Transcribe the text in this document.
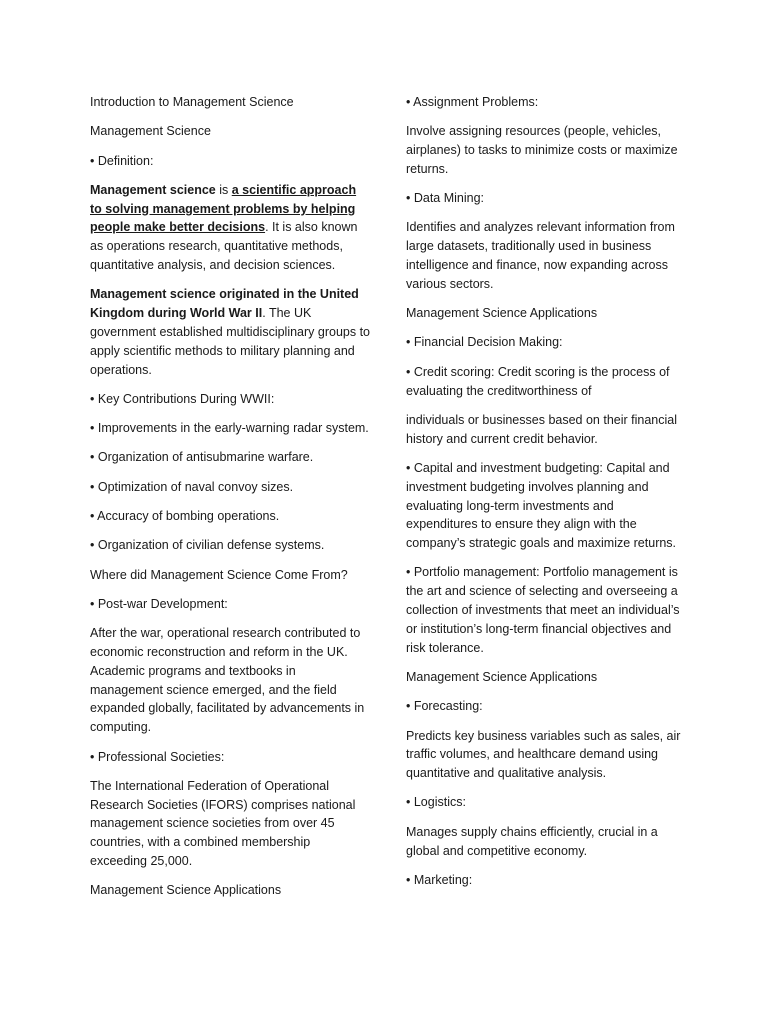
Introduction to Management Science

Management Science

• Definition:

Management science is a scientific approach to solving management problems by helping people make better decisions. It is also known as operations research, quantitative methods, quantitative analysis, and decision sciences.

Management science originated in the United Kingdom during World War II. The UK government established multidisciplinary groups to apply scientific methods to military planning and operations.

• Key Contributions During WWII:

• Improvements in the early-warning radar system.

• Organization of antisubmarine warfare.

• Optimization of naval convoy sizes.

• Accuracy of bombing operations.

• Organization of civilian defense systems.

Where did Management Science Come From?

• Post-war Development:

After the war, operational research contributed to economic reconstruction and reform in the UK. Academic programs and textbooks in management science emerged, and the field expanded globally, facilitated by advancements in computing.

• Professional Societies:

The International Federation of Operational Research Societies (IFORS) comprises national management science societies from over 45 countries, with a combined membership exceeding 25,000.

Management Science Applications

• Assignment Problems:

Involve assigning resources (people, vehicles, airplanes) to tasks to minimize costs or maximize returns.

• Data Mining:

Identifies and analyzes relevant information from large datasets, traditionally used in business intelligence and finance, now expanding across various sectors.

Management Science Applications

• Financial Decision Making:

• Credit scoring: Credit scoring is the process of evaluating the creditworthiness of

individuals or businesses based on their financial history and current credit behavior.

• Capital and investment budgeting: Capital and investment budgeting involves planning and evaluating long-term investments and expenditures to ensure they align with the company’s strategic goals and maximize returns.

• Portfolio management: Portfolio management is the art and science of selecting and overseeing a collection of investments that meet an individual’s or institution’s long-term financial objectives and risk tolerance.

Management Science Applications

• Forecasting:

Predicts key business variables such as sales, air traffic volumes, and healthcare demand using quantitative and qualitative analysis.

• Logistics:

Manages supply chains efficiently, crucial in a global and competitive economy.

• Marketing:
